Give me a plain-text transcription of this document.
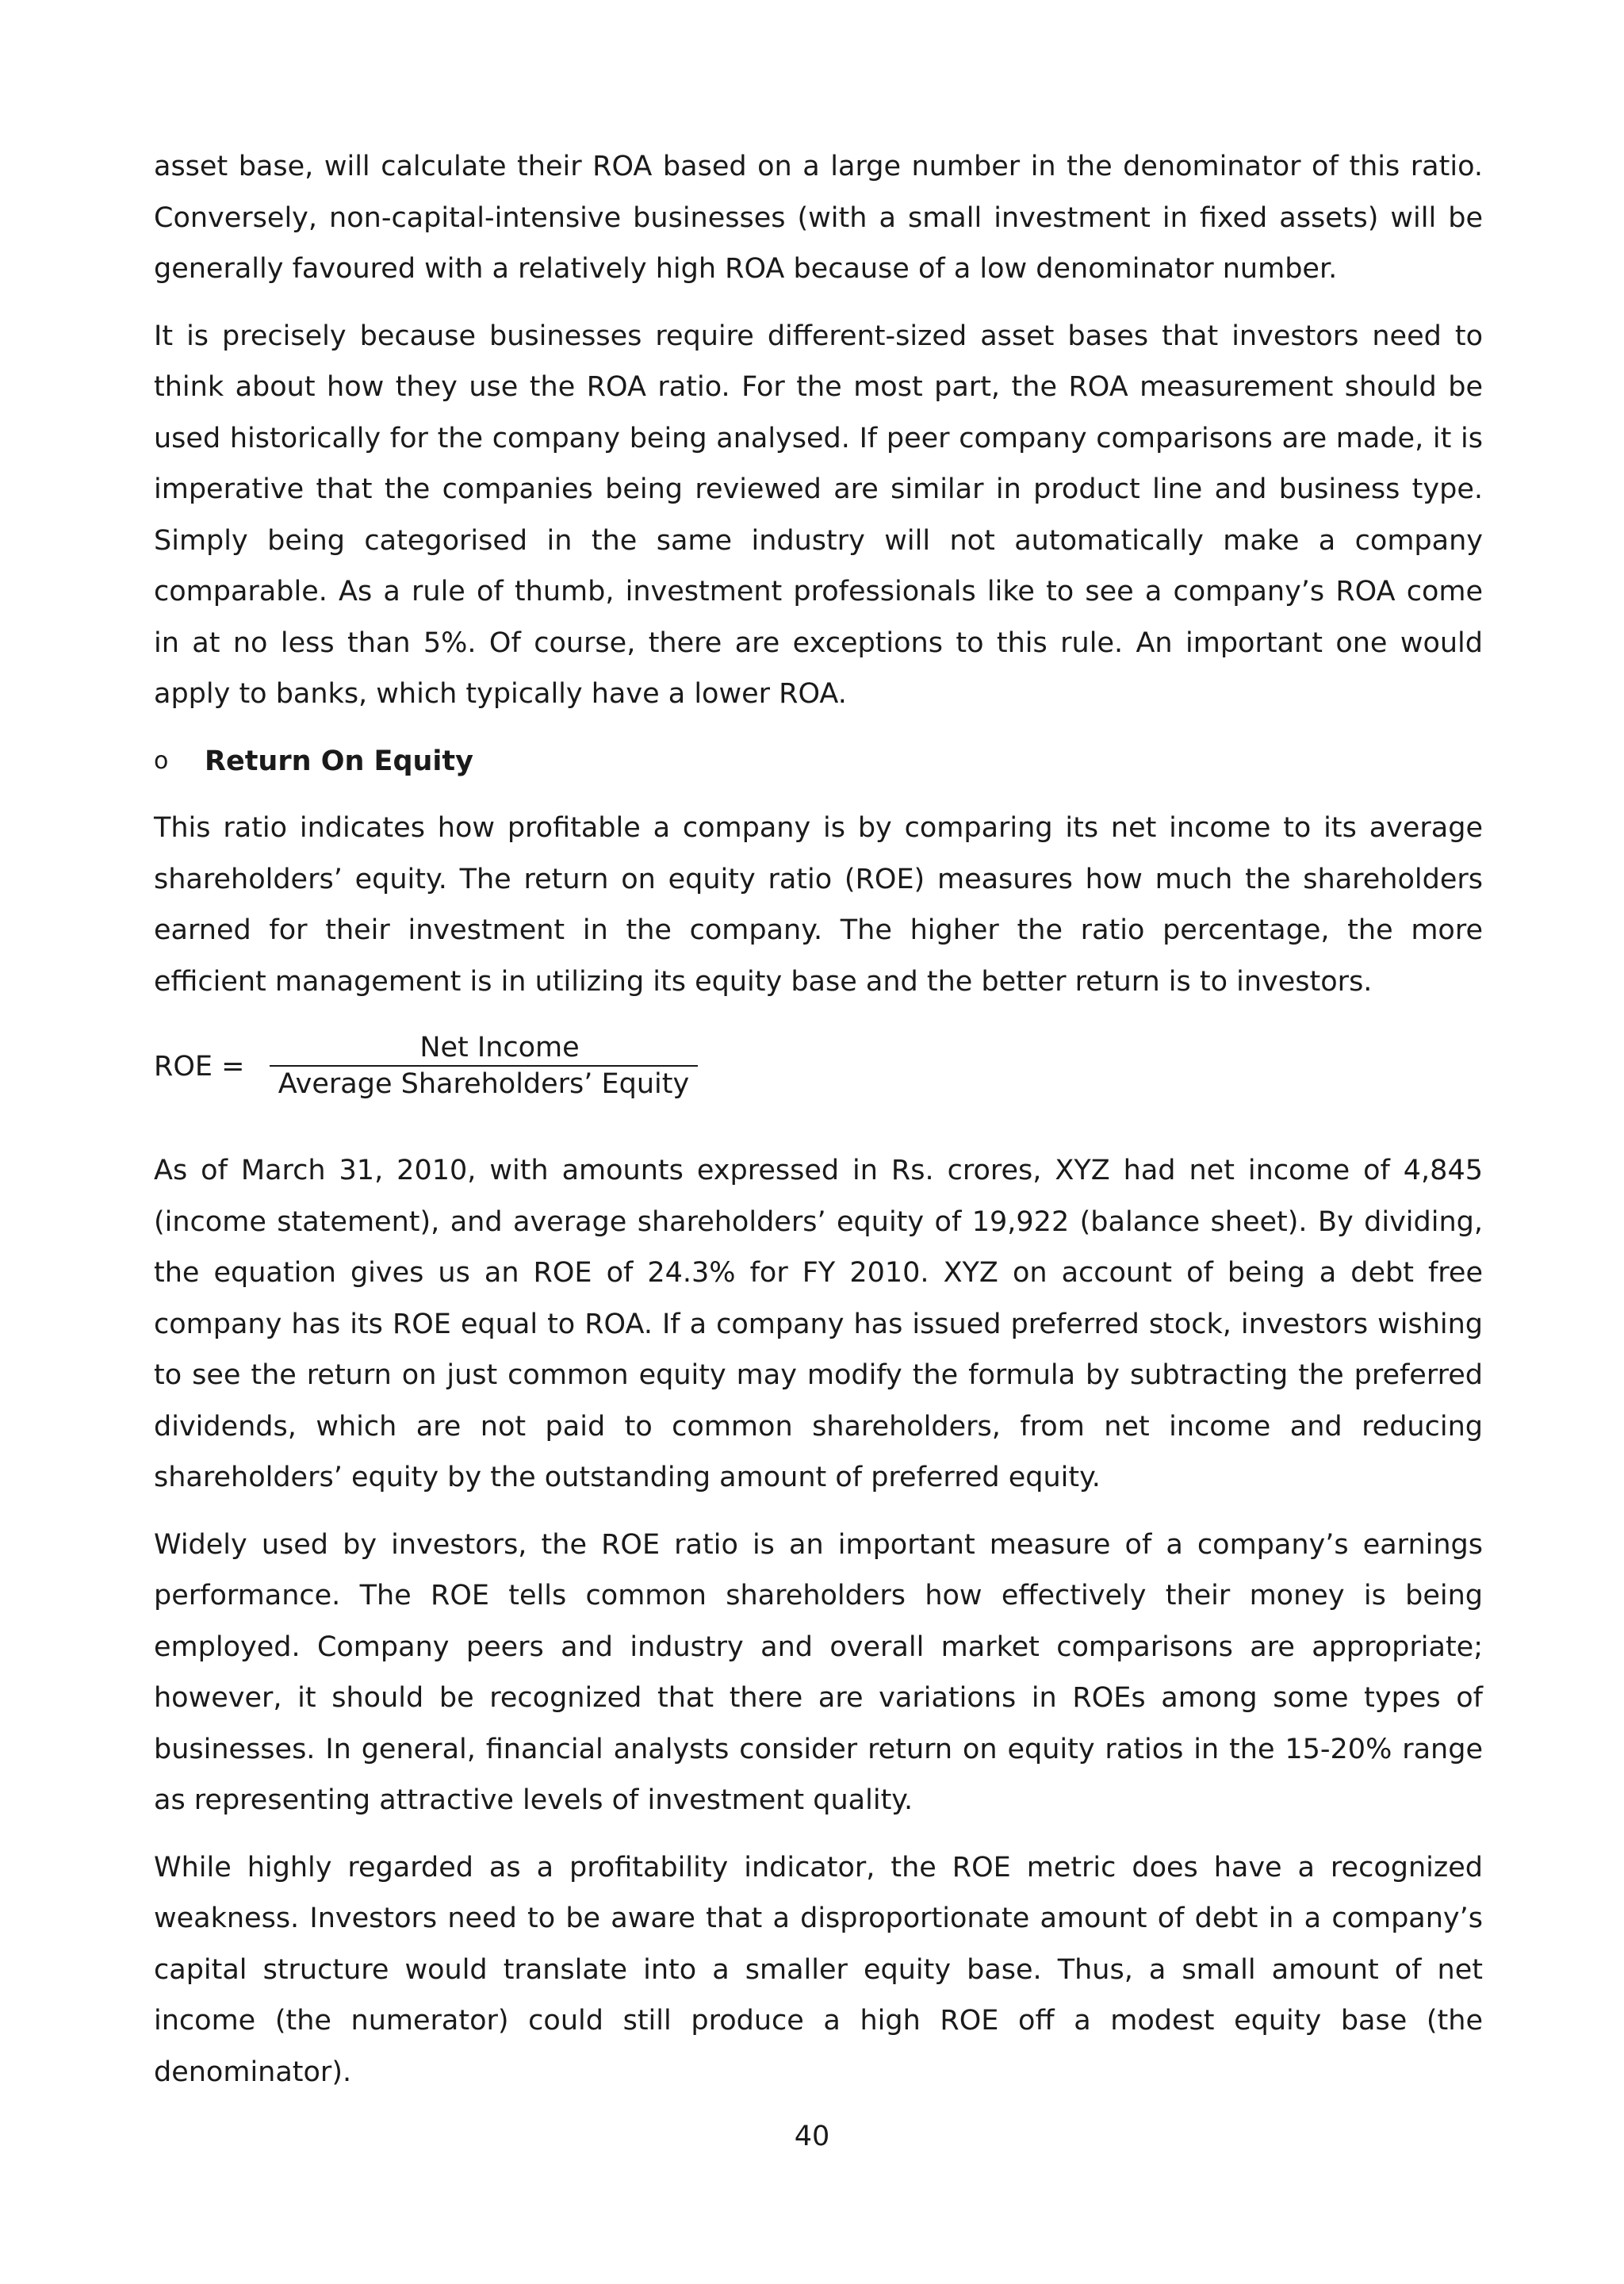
asset base, will calculate their ROA based on a large number in the denominator of this ratio. Conversely, non-capital-intensive businesses (with a small investment in fixed assets) will be generally favoured with a relatively high ROA because of a low denominator number.

It is precisely because businesses require different-sized asset bases that investors need to think about how they use the ROA ratio. For the most part, the ROA measurement should be used historically for the company being analysed. If peer company comparisons are made, it is imperative that the companies being reviewed are similar in product line and business type. Simply being categorised in the same industry will not automatically make a company comparable. As a rule of thumb, investment professionals like to see a company’s ROA come in at no less than 5%. Of course, there are exceptions to this rule. An important one would apply to banks, which typically have a lower ROA.

o	Return On Equity

This ratio indicates how profitable a company is by comparing its net income to its average shareholders’ equity. The return on equity ratio (ROE) measures how much the shareholders earned for their investment in the company. The higher the ratio percentage, the more efficient management is in utilizing its equity base and the better return is to investors.

ROE = $\frac{\text{Net Income}}{\text{Average Shareholders’ Equity}}$

As of March 31, 2010, with amounts expressed in Rs. crores, XYZ had net income of 4,845 (income statement), and average shareholders’ equity of 19,922 (balance sheet). By dividing, the equation gives us an ROE of 24.3% for FY 2010. XYZ on account of being a debt free company has its ROE equal to ROA. If a company has issued preferred stock, investors wishing to see the return on just common equity may modify the formula by subtracting the preferred dividends, which are not paid to common shareholders, from net income and reducing shareholders’ equity by the outstanding amount of preferred equity.

Widely used by investors, the ROE ratio is an important measure of a company’s earnings performance. The ROE tells common shareholders how effectively their money is being employed. Company peers and industry and overall market comparisons are appropriate; however, it should be recognized that there are variations in ROEs among some types of businesses. In general, financial analysts consider return on equity ratios in the 15-20% range as representing attractive levels of investment quality.

While highly regarded as a profitability indicator, the ROE metric does have a recognized weakness. Investors need to be aware that a disproportionate amount of debt in a company’s capital structure would translate into a smaller equity base. Thus, a small amount of net income (the numerator) could still produce a high ROE off a modest equity base (the denominator).

40
